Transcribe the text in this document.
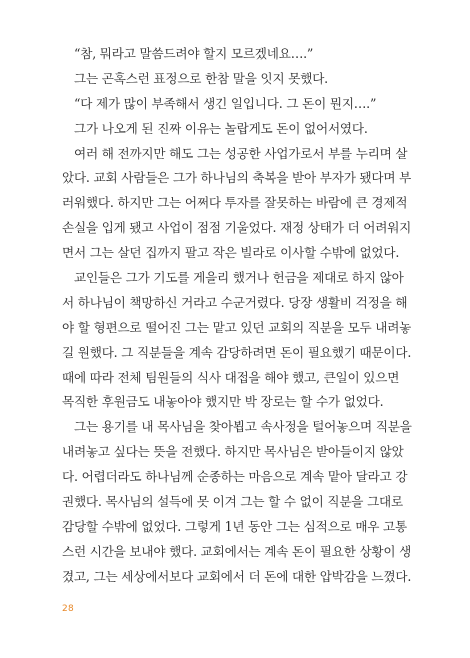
“참, 뭐라고 말씀드려야 할지 모르겠네요….”
그는 곤혹스런 표정으로 한참 말을 잇지 못했다.
“다 제가 많이 부족해서 생긴 일입니다. 그 돈이 뭔지….”
그가 나오게 된 진짜 이유는 놀랍게도 돈이 없어서였다.
여러 해 전까지만 해도 그는 성공한 사업가로서 부를 누리며 살
았다. 교회 사람들은 그가 하나님의 축복을 받아 부자가 됐다며 부
러워했다. 하지만 그는 어쩌다 투자를 잘못하는 바람에 큰 경제적
손실을 입게 됐고 사업이 점점 기울었다. 재정 상태가 더 어려워지
면서 그는 살던 집까지 팔고 작은 빌라로 이사할 수밖에 없었다.
교인들은 그가 기도를 게을리 했거나 헌금을 제대로 하지 않아
서 하나님이 책망하신 거라고 수군거렸다. 당장 생활비 걱정을 해
야 할 형편으로 떨어진 그는 맡고 있던 교회의 직분을 모두 내려놓
길 원했다. 그 직분들을 계속 감당하려면 돈이 필요했기 때문이다.
때에 따라 전체 팀원들의 식사 대접을 해야 했고, 큰일이 있으면
목직한 후원금도 내놓아야 했지만 박 장로는 할 수가 없었다.
그는 용기를 내 목사님을 찾아뵙고 속사정을 털어놓으며 직분을
내려놓고 싶다는 뜻을 전했다. 하지만 목사님은 받아들이지 않았
다. 어렵더라도 하나님께 순종하는 마음으로 계속 맡아 달라고 강
권했다. 목사님의 설득에 못 이겨 그는 할 수 없이 직분을 그대로
감당할 수밖에 없었다. 그렇게 1년 동안 그는 심적으로 매우 고통
스런 시간을 보내야 했다. 교회에서는 계속 돈이 필요한 상황이 생
겼고, 그는 세상에서보다 교회에서 더 돈에 대한 압박감을 느꼈다.
28
